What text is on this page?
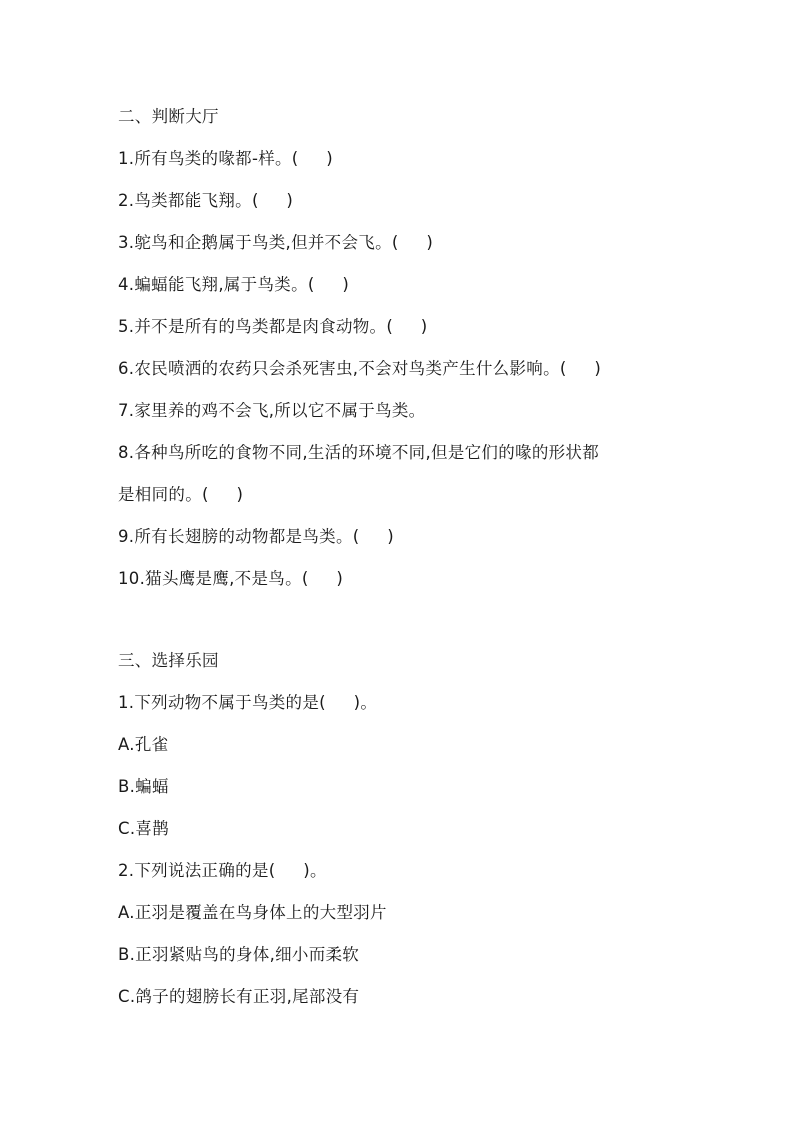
二、判断大厅
1.所有鸟类的喙都-样。(     )
2.鸟类都能飞翔。(     )
3.鸵鸟和企鹅属于鸟类,但并不会飞。(     )
4.蝙蝠能飞翔,属于鸟类。(     )
5.并不是所有的鸟类都是肉食动物。(     )
6.农民喷洒的农药只会杀死害虫,不会对鸟类产生什么影响。(     )
7.家里养的鸡不会飞,所以它不属于鸟类。
8.各种鸟所吃的食物不同,生活的环境不同,但是它们的喙的形状都
是相同的。(     )
9.所有长翅膀的动物都是鸟类。(     )
10.猫头鹰是鹰,不是鸟。(     )
三、选择乐园
1.下列动物不属于鸟类的是(     )。
A.孔雀
B.蝙蝠
C.喜鹊
2.下列说法正确的是(     )。
A.正羽是覆盖在鸟身体上的大型羽片
B.正羽紧贴鸟的身体,细小而柔软
C.鸽子的翅膀长有正羽,尾部没有
